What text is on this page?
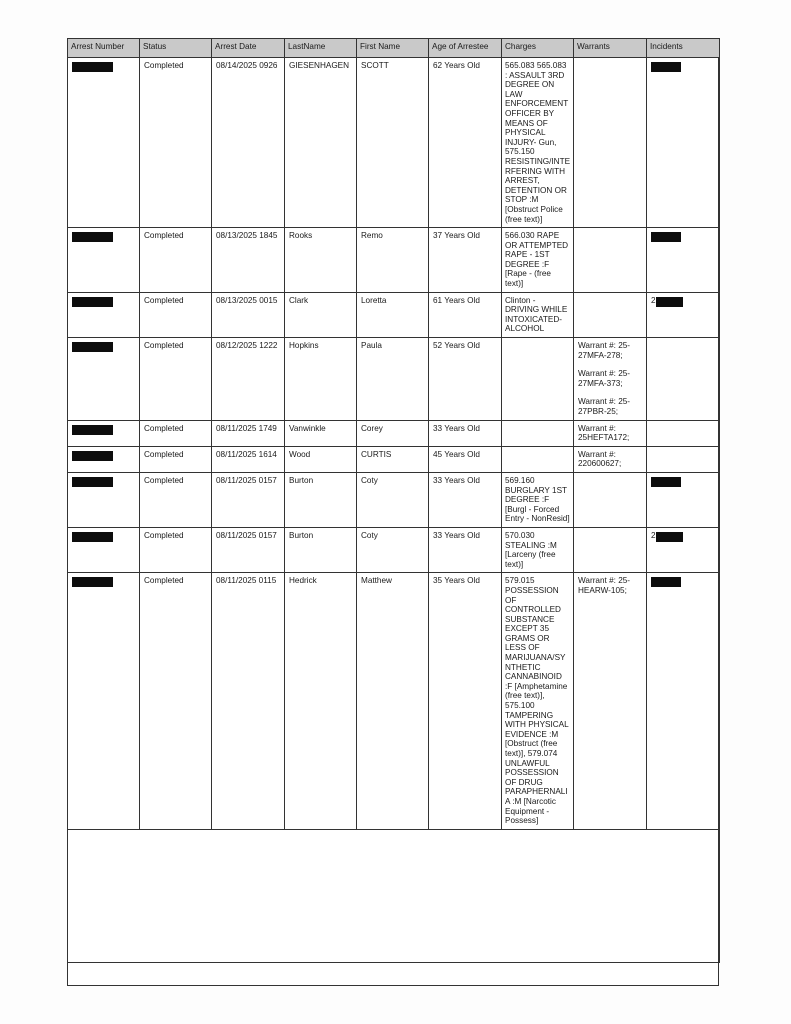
Arrest Number	Status	Arrest Date	LastName	First Name	Age of Arrestee	Charges	Warrants	Incidents
	Completed	08/14/2025 0926	GIESENHAGEN	SCOTT	62 Years Old	565.083 565.083 : ASSAULT 3RD DEGREE ON LAW ENFORCEMENT OFFICER BY MEANS OF PHYSICAL INJURY- Gun, 575.150 RESISTING/INTERFERING WITH ARREST, DETENTION OR STOP :M [Obstruct Police (free text)]		
	Completed	08/13/2025 1845	Rooks	Remo	37 Years Old	566.030 RAPE OR ATTEMPTED RAPE - 1ST DEGREE :F [Rape - (free text)]		
	Completed	08/13/2025 0015	Clark	Loretta	61 Years Old	Clinton - DRIVING WHILE INTOXICATED- ALCOHOL		2
	Completed	08/12/2025 1222	Hopkins	Paula	52 Years Old		Warrant #: 25-27MFA-278;
Warrant #: 25-27MFA-373;
Warrant #: 25-27PBR-25;	

	Completed	08/11/2025 1749	Vanwinkle	Corey	33 Years Old		Warrant #: 25HEFTA172;	

	Completed	08/11/2025 1614	Wood	CURTIS	45 Years Old		Warrant #: 220600627;	

	Completed	08/11/2025 0157	Burton	Coty	33 Years Old	569.160 BURGLARY 1ST DEGREE :F [Burgl - Forced Entry - NonResid]		
	Completed	08/11/2025 0157	Burton	Coty	33 Years Old	570.030 STEALING :M [Larceny (free text)]		2
	Completed	08/11/2025 0115	Hedrick	Matthew	35 Years Old	579.015 POSSESSION OF CONTROLLED SUBSTANCE EXCEPT 35 GRAMS OR LESS OF MARIJUANA/SYNTHETIC CANNABINOID :F [Amphetamine (free text)], 575.100 TAMPERING WITH PHYSICAL EVIDENCE :M [Obstruct (free text)], 579.074 UNLAWFUL POSSESSION OF DRUG PARAPHERNALIA :M [Narcotic Equipment - Possess]	Warrant #: 25-HEARW-105;	
